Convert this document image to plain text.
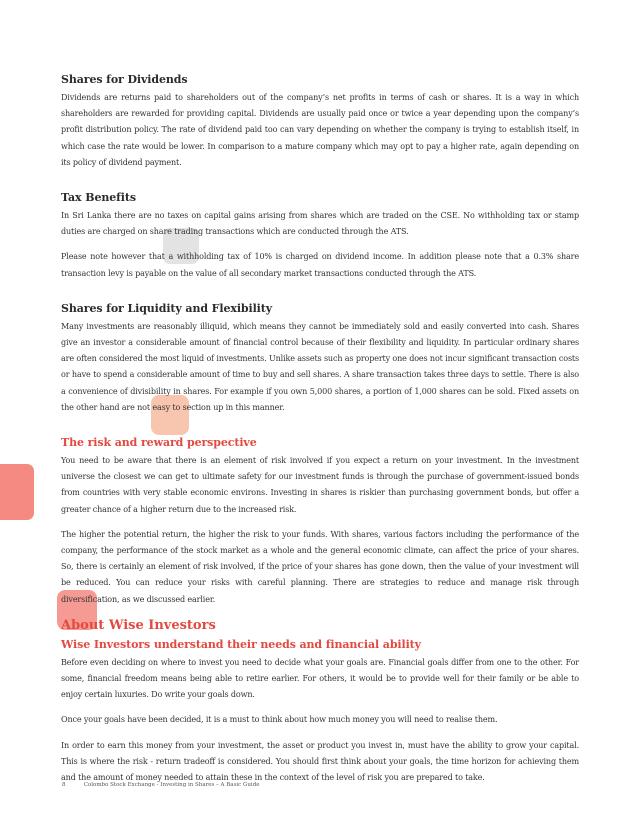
Shares for Dividends

Dividends are returns paid to shareholders out of the company’s net profits in terms of cash or shares. It is a way in which shareholders are rewarded for providing capital. Dividends are usually paid once or twice a year depending upon the company’s profit distribution policy. The rate of dividend paid too can vary depending on whether the company is trying to establish itself, in which case the rate would be lower. In comparison to a mature company which may opt to pay a higher rate, again depending on its policy of dividend payment.

Tax Benefits

In Sri Lanka there are no taxes on capital gains arising from shares which are traded on the CSE. No withholding tax or stamp duties are charged on share trading transactions which are conducted through the ATS.

Please note however that a withholding tax of 10% is charged on dividend income. In addition please note that a 0.3% share transaction levy is payable on the value of all secondary market transactions conducted through the ATS.

Shares for Liquidity and Flexibility

Many investments are reasonably illiquid, which means they cannot be immediately sold and easily converted into cash. Shares give an investor a considerable amount of financial control because of their flexibility and liquidity. In particular ordinary shares are often considered the most liquid of investments. Unlike assets such as property one does not incur significant transaction costs or have to spend a considerable amount of time to buy and sell shares. A share transaction takes three days to settle. There is also a convenience of divisibility in shares. For example if you own 5,000 shares, a portion of 1,000 shares can be sold. Fixed assets on the other hand are not easy to section up in this manner.

The risk and reward perspective

You need to be aware that there is an element of risk involved if you expect a return on your investment. In the investment universe the closest we can get to ultimate safety for our investment funds is through the purchase of government-issued bonds from countries with very stable economic environs. Investing in shares is riskier than purchasing government bonds, but offer a greater chance of a higher return due to the increased risk.

The higher the potential return, the higher the risk to your funds. With shares, various factors including the performance of the company, the performance of the stock market as a whole and the general economic climate, can affect the price of your shares. So, there is certainly an element of risk involved, if the price of your shares has gone down, then the value of your investment will be reduced. You can reduce your risks with careful planning. There are strategies to reduce and manage risk through diversification, as we discussed earlier.

About Wise Investors
Wise Investors understand their needs and financial ability

Before even deciding on where to invest you need to decide what your goals are. Financial goals differ from one to the other. For some, financial freedom means being able to retire earlier. For others, it would be to provide well for their family or be able to enjoy certain luxuries. Do write your goals down.

Once your goals have been decided, it is a must to think about how much money you will need to realise them.

In order to earn this money from your investment, the asset or product you invest in, must have the ability to grow your capital. This is where the risk - return tradeoff is considered. You should first think about your goals, the time horizon for achieving them and the amount of money needed to attain these in the context of the level of risk you are prepared to take.

8	Colombo Stock Exchange - Investing in Shares – A Basic Guide
